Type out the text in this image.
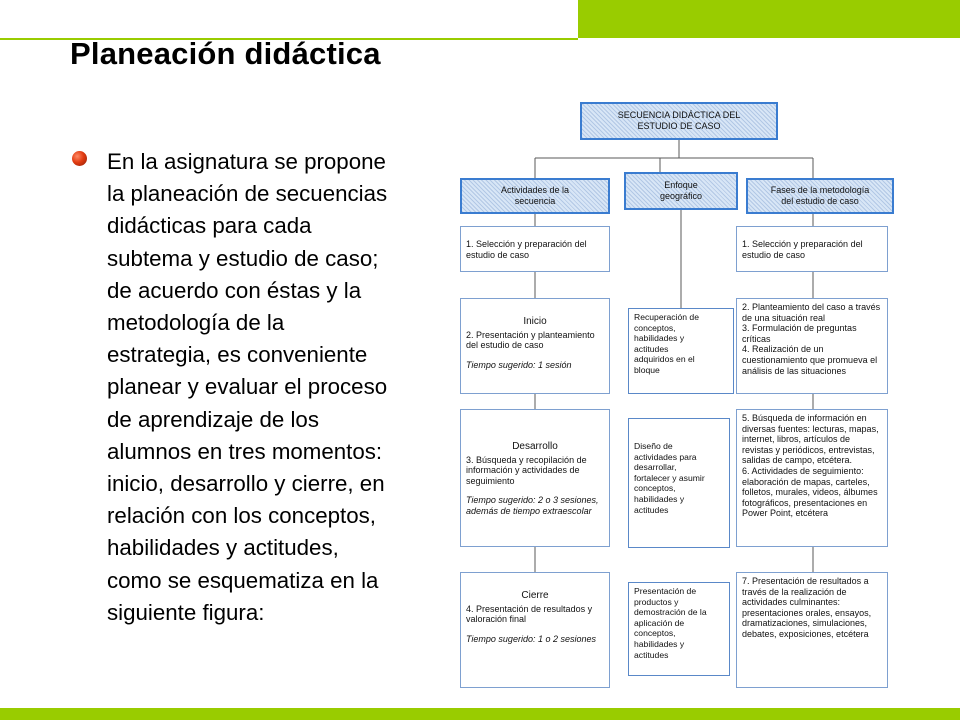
Planeación didáctica
En la asignatura se propone
la planeación de secuencias
didácticas para cada
subtema y estudio de caso;
de acuerdo con éstas y la
metodología de la
estrategia, es conveniente
planear y evaluar el proceso
de aprendizaje de los
alumnos en tres momentos:
inicio, desarrollo y cierre, en
relación con los conceptos,
habilidades y actitudes,
como se esquematiza en la
siguiente figura:
SECUENCIA DIDÁCTICA DEL
ESTUDIO DE CASO
Actividades de la
secuencia
Enfoque
geográfico
Fases de la metodología
del estudio de caso
1. Selección y preparación del estudio de caso
Inicio
2. Presentación y planteamiento del estudio de caso
Tiempo sugerido: 1 sesión
Desarrollo
3. Búsqueda y recopilación de información y actividades de seguimiento
Tiempo sugerido: 2 o 3 sesiones, además de tiempo extraescolar
Cierre
4. Presentación de resultados y valoración final
Tiempo sugerido: 1 o 2 sesiones
Recuperación de
conceptos,
habilidades y
actitudes
adquiridos en el
bloque
Diseño de
actividades para
desarrollar,
fortalecer y asumir
conceptos,
habilidades y
actitudes
Presentación de
productos y
demostración de la
aplicación de
conceptos,
habilidades y
actitudes
1. Selección y preparación del estudio de caso
2. Planteamiento del caso a través de una situación real
3. Formulación de preguntas críticas
4. Realización de un cuestionamiento que promueva el análisis de las situaciones
5. Búsqueda de información en diversas fuentes: lecturas, mapas, internet, libros, artículos de revistas y periódicos, entrevistas, salidas de campo, etcétera.
6. Actividades de seguimiento: elaboración de mapas, carteles, folletos, murales, videos, álbumes fotográficos, presentaciones en Power Point, etcétera
7. Presentación de resultados a través de la realización de actividades culminantes: presentaciones orales, ensayos, dramatizaciones, simulaciones, debates, exposiciones, etcétera
